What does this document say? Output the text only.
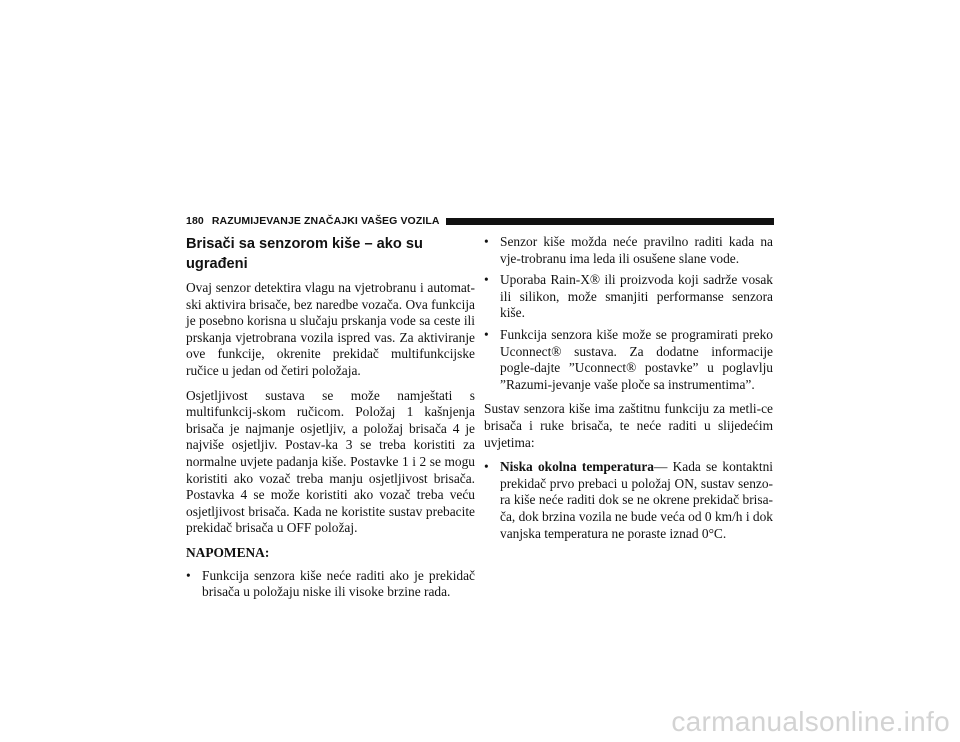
180 RAZUMIJEVANJE ZNAČAJKI VAŠEG VOZILA
Brisači sa senzorom kiše – ako su ugrađeni

Ovaj senzor detektira vlagu na vjetrobranu i automat-ski aktivira brisače, bez naredbe vozača. Ova funkcija je posebno korisna u slučaju prskanja vode sa ceste ili prskanja vjetrobrana vozila ispred vas. Za aktiviranje ove funkcije, okrenite prekidač multifunkcijske ručice u jedan od četiri položaja.

Osjetljivost sustava se može namještati s multifunkcij-skom ručicom. Položaj 1 kašnjenja brisača je najmanje osjetljiv, a položaj brisača 4 je najviše osjetljiv. Postav-ka 3 se treba koristiti za normalne uvjete padanja kiše. Postavke 1 i 2 se mogu koristiti ako vozač treba manju osjetljivost brisača. Postavka 4 se može koristiti ako vozač treba veću osjetljivost brisača. Kada ne koristite sustav prebacite prekidač brisača u OFF položaj.

NAPOMENA:
• Funkcija senzora kiše neće raditi ako je prekidač brisača u položaju niske ili visoke brzine rada.
• Senzor kiše možda neće pravilno raditi kada na vje-trobranu ima leda ili osušene slane vode.
• Uporaba Rain-X® ili proizvoda koji sadrže vosak ili silikon, može smanjiti performanse senzora kiše.
• Funkcija senzora kiše može se programirati preko Uconnect® sustava. Za dodatne informacije pogle-dajte ”Uconnect® postavke” u poglavlju ”Razumi-jevanje vaše ploče sa instrumentima”.

Sustav senzora kiše ima zaštitnu funkciju za metli-ce brisača i ruke brisača, te neće raditi u slijedećim uvjetima:

• Niska okolna temperatura— Kada se kontaktni prekidač prvo prebaci u položaj ON, sustav senzo-ra kiše neće raditi dok se ne okrene prekidač brisa-ča, dok brzina vozila ne bude veća od 0 km/h i dok vanjska temperatura ne poraste iznad 0°C.
carmanualsonline.info
